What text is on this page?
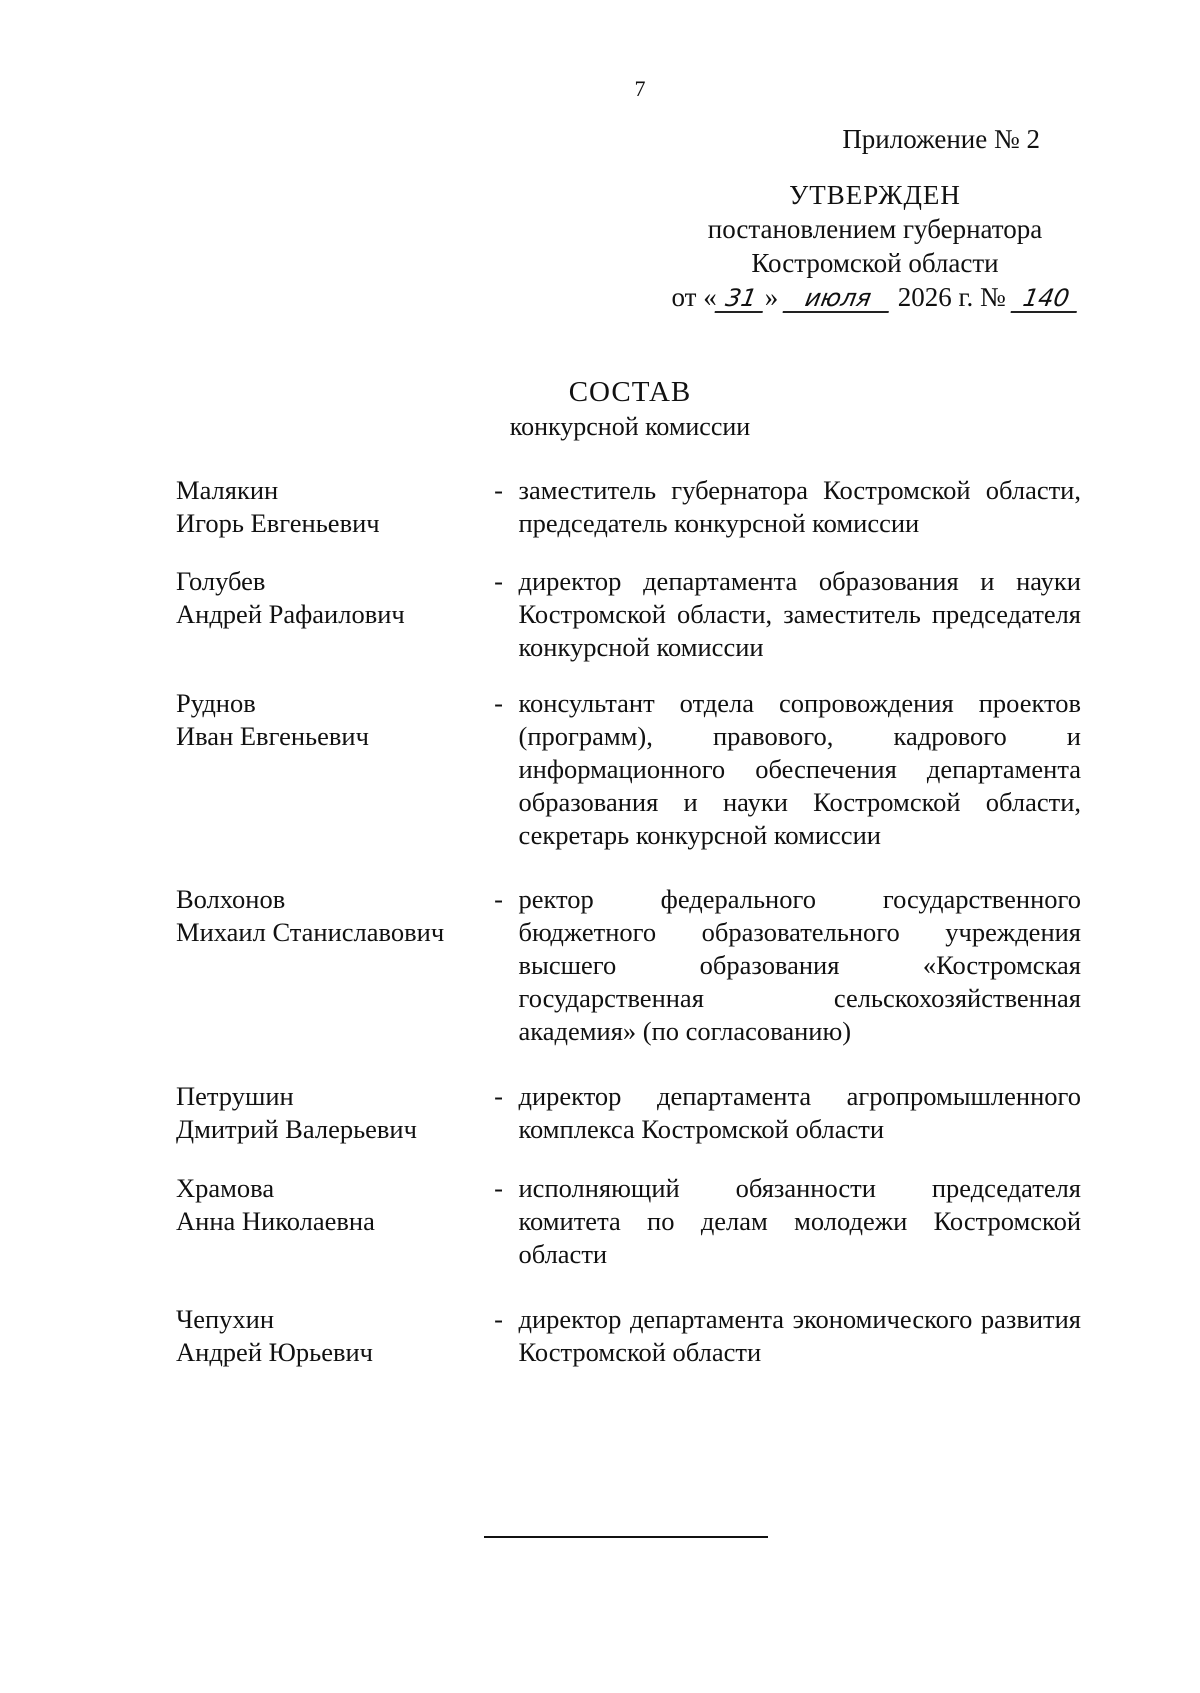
7
Приложение № 2
УТВЕРЖДЕН
постановлением губернатора
Костромской области
от « 31 » июля 2026 г. № 140
СОСТАВ
конкурсной комиссии
Малякин
Игорь Евгеньевич
- заместитель губернатора Костромской области, председатель конкурсной комиссии
Голубев
Андрей Рафаилович
- директор департамента образования и науки Костромской области, заместитель председателя конкурсной комиссии
Руднов
Иван Евгеньевич
- консультант отдела сопровождения проектов (программ), правового, кадрового и информационного обеспечения департамента образования и науки Костромской области, секретарь конкурсной комиссии
Волхонов
Михаил Станиславович
- ректор федерального государственного бюджетного образовательного учреждения высшего образования «Костромская государственная сельскохозяйственная академия» (по согласованию)
Петрушин
Дмитрий Валерьевич
- директор департамента агропромышленного комплекса Костромской области
Храмова
Анна Николаевна
- исполняющий обязанности председателя комитета по делам молодежи Костромской области
Чепухин
Андрей Юрьевич
- директор департамента экономического развития Костромской области
